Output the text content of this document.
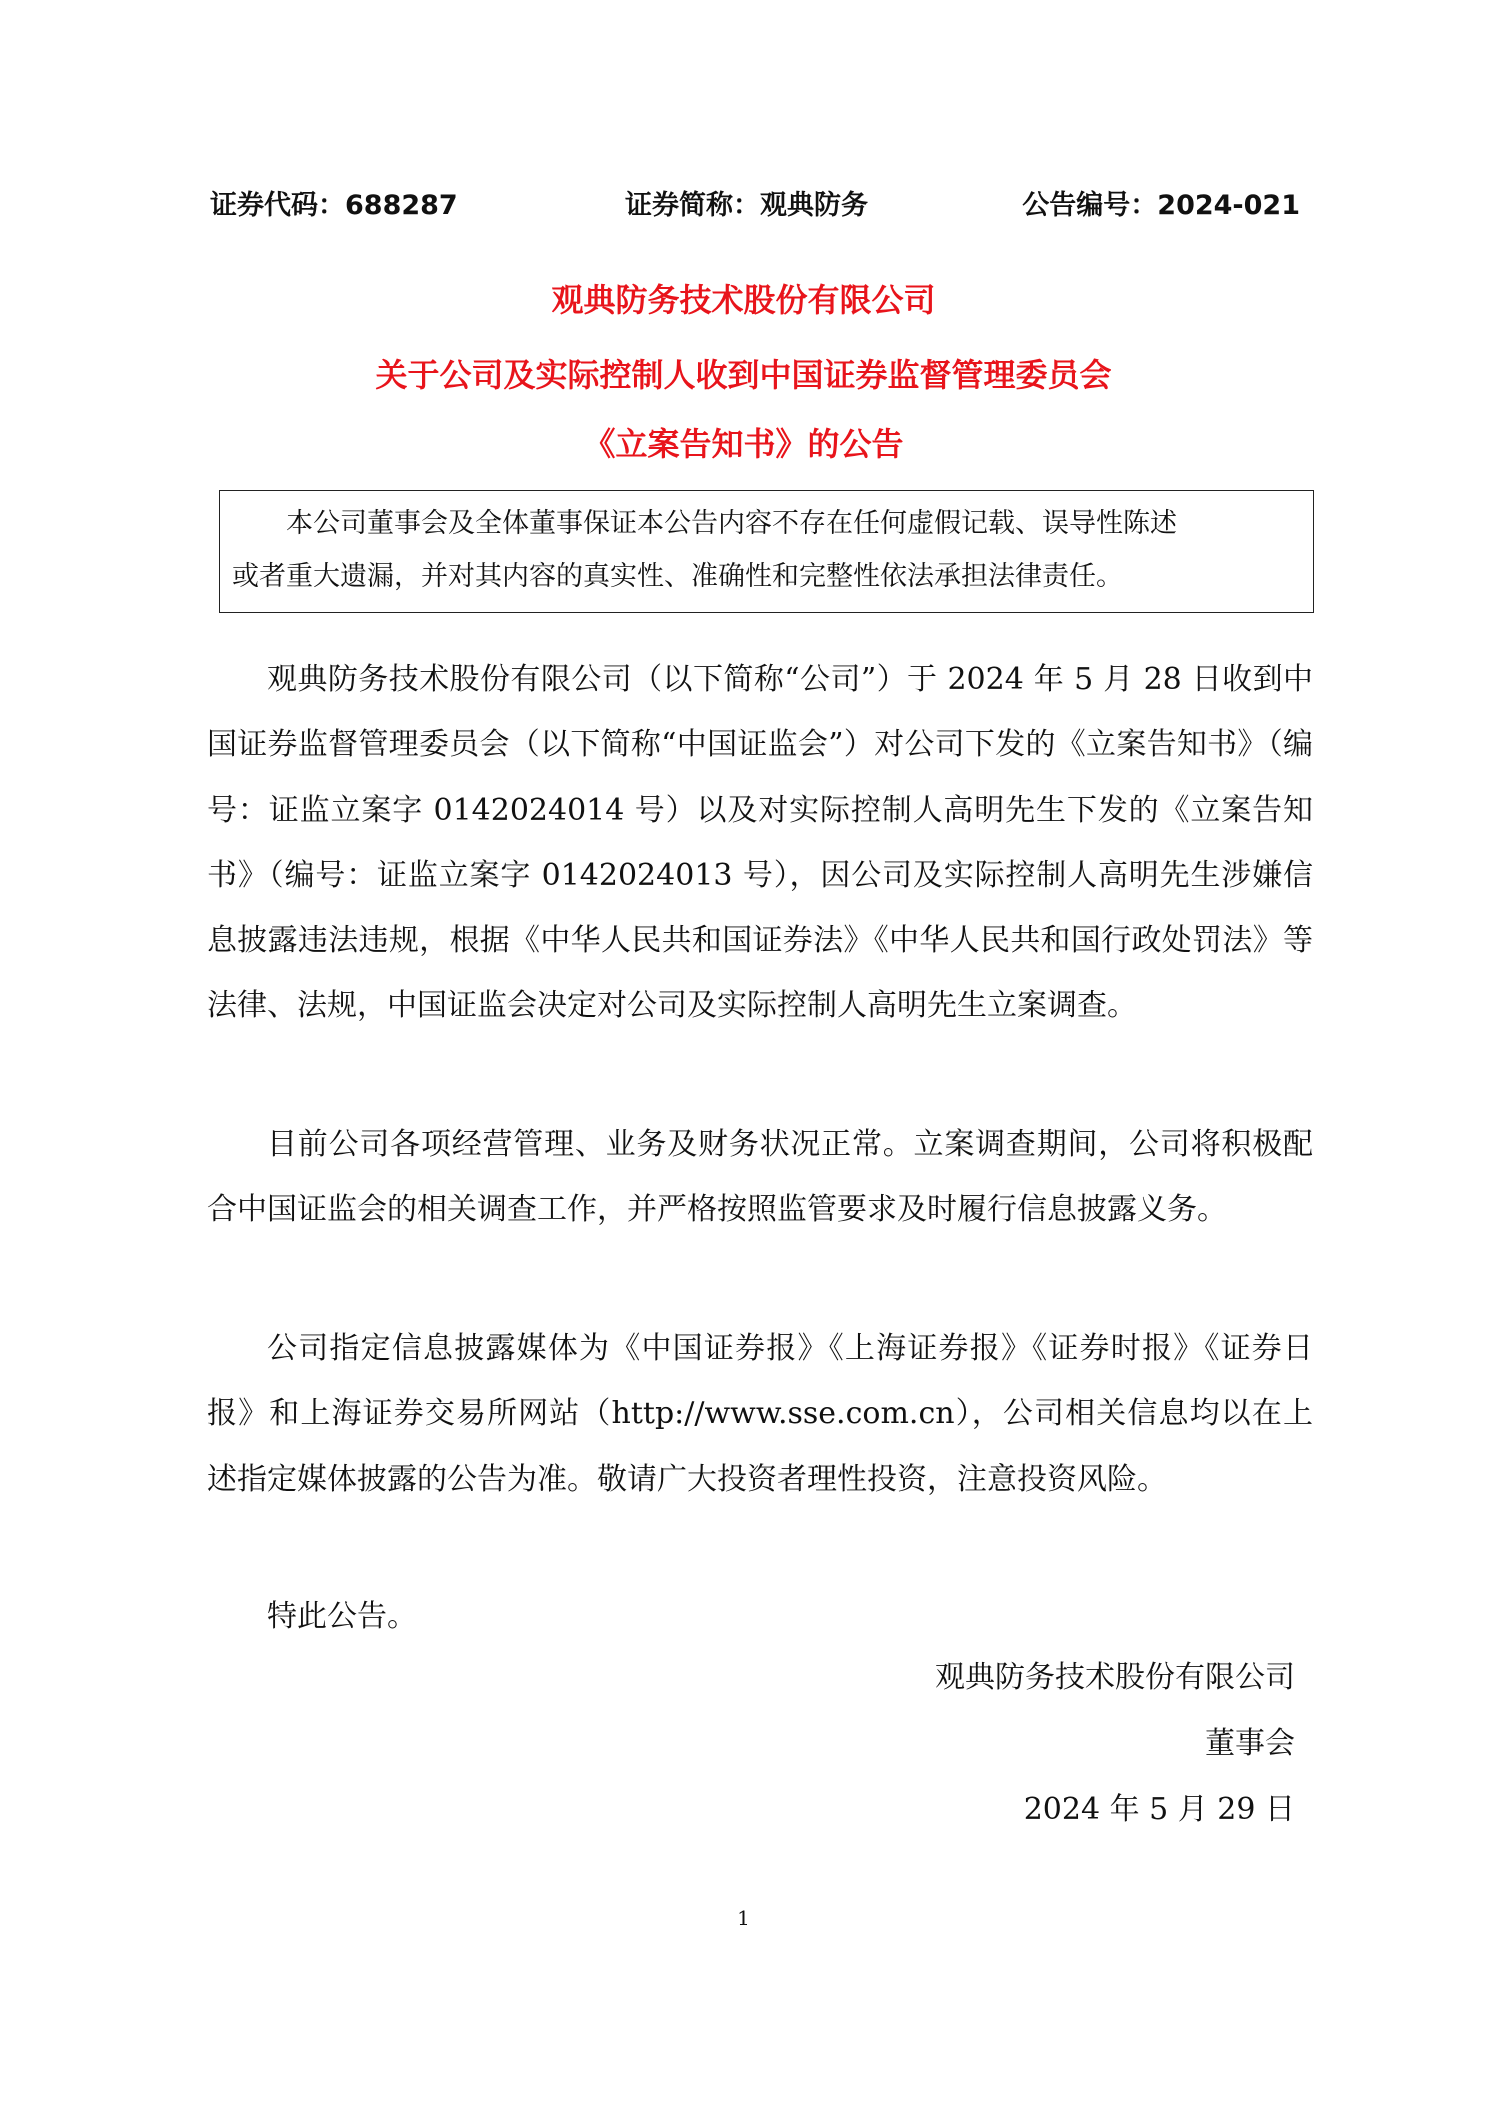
证券代码：688287	证券简称：观典防务	公告编号：2024-021
观典防务技术股份有限公司
关于公司及实际控制人收到中国证券监督管理委员会
《立案告知书》的公告

本公司董事会及全体董事保证本公告内容不存在任何虚假记载、误导性陈述

或者重大遗漏，并对其内容的真实性、准确性和完整性依法承担法律责任。

观典防务技术股份有限公司（以下简称“公司”）于 2024 年 5 月 28 日收到中国证券监督管理委员会（以下简称“中国证监会”）对公司下发的《立案告知书》（编号：证监立案字 0142024014 号）以及对实际控制人高明先生下发的《立案告知书》（编号：证监立案字 0142024013 号），因公司及实际控制人高明先生涉嫌信息披露违法违规，根据《中华人民共和国证券法》《中华人民共和国行政处罚法》等法律、法规，中国证监会决定对公司及实际控制人高明先生立案调查。

目前公司各项经营管理、业务及财务状况正常。立案调查期间，公司将积极配合中国证监会的相关调查工作，并严格按照监管要求及时履行信息披露义务。

公司指定信息披露媒体为《中国证券报》《上海证券报》《证券时报》《证券日报》和上海证券交易所网站（http://www.sse.com.cn），公司相关信息均以在上述指定媒体披露的公告为准。敬请广大投资者理性投资，注意投资风险。

特此公告。

观典防务技术股份有限公司
董事会
2024 年 5 月 29 日
1
